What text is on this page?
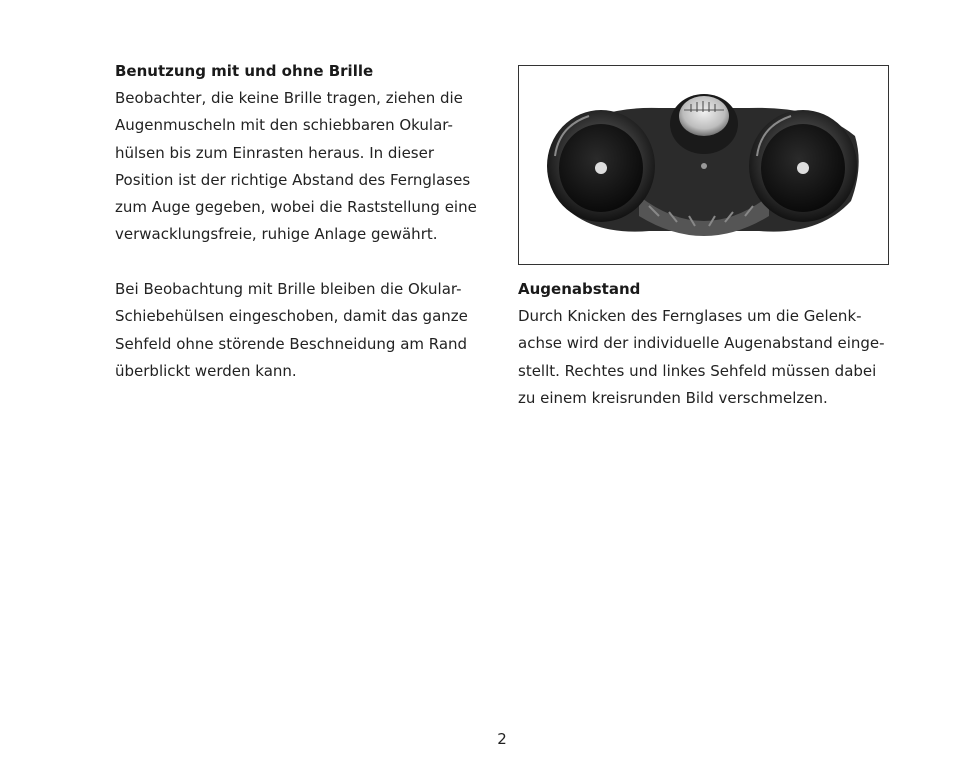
Benutzung mit und ohne Brille

Beobachter, die keine Brille tragen, ziehen die
Augenmuscheln mit den schiebbaren Okular-
hülsen bis zum Einrasten heraus. In dieser
Position ist der richtige Abstand des Fernglases
zum Auge gegeben, wobei die Raststellung eine
verwacklungsfreie, ruhige Anlage gewährt.

Bei Beobachtung mit Brille bleiben die Okular-
Schiebehülsen eingeschoben, damit das ganze
Sehfeld ohne störende Beschneidung am Rand
überblickt werden kann.

Augenabstand

Durch Knicken des Fernglases um die Gelenk-
achse wird der individuelle Augenabstand einge-
stellt. Rechtes und linkes Sehfeld müssen dabei
zu einem kreisrunden Bild verschmelzen.

2
